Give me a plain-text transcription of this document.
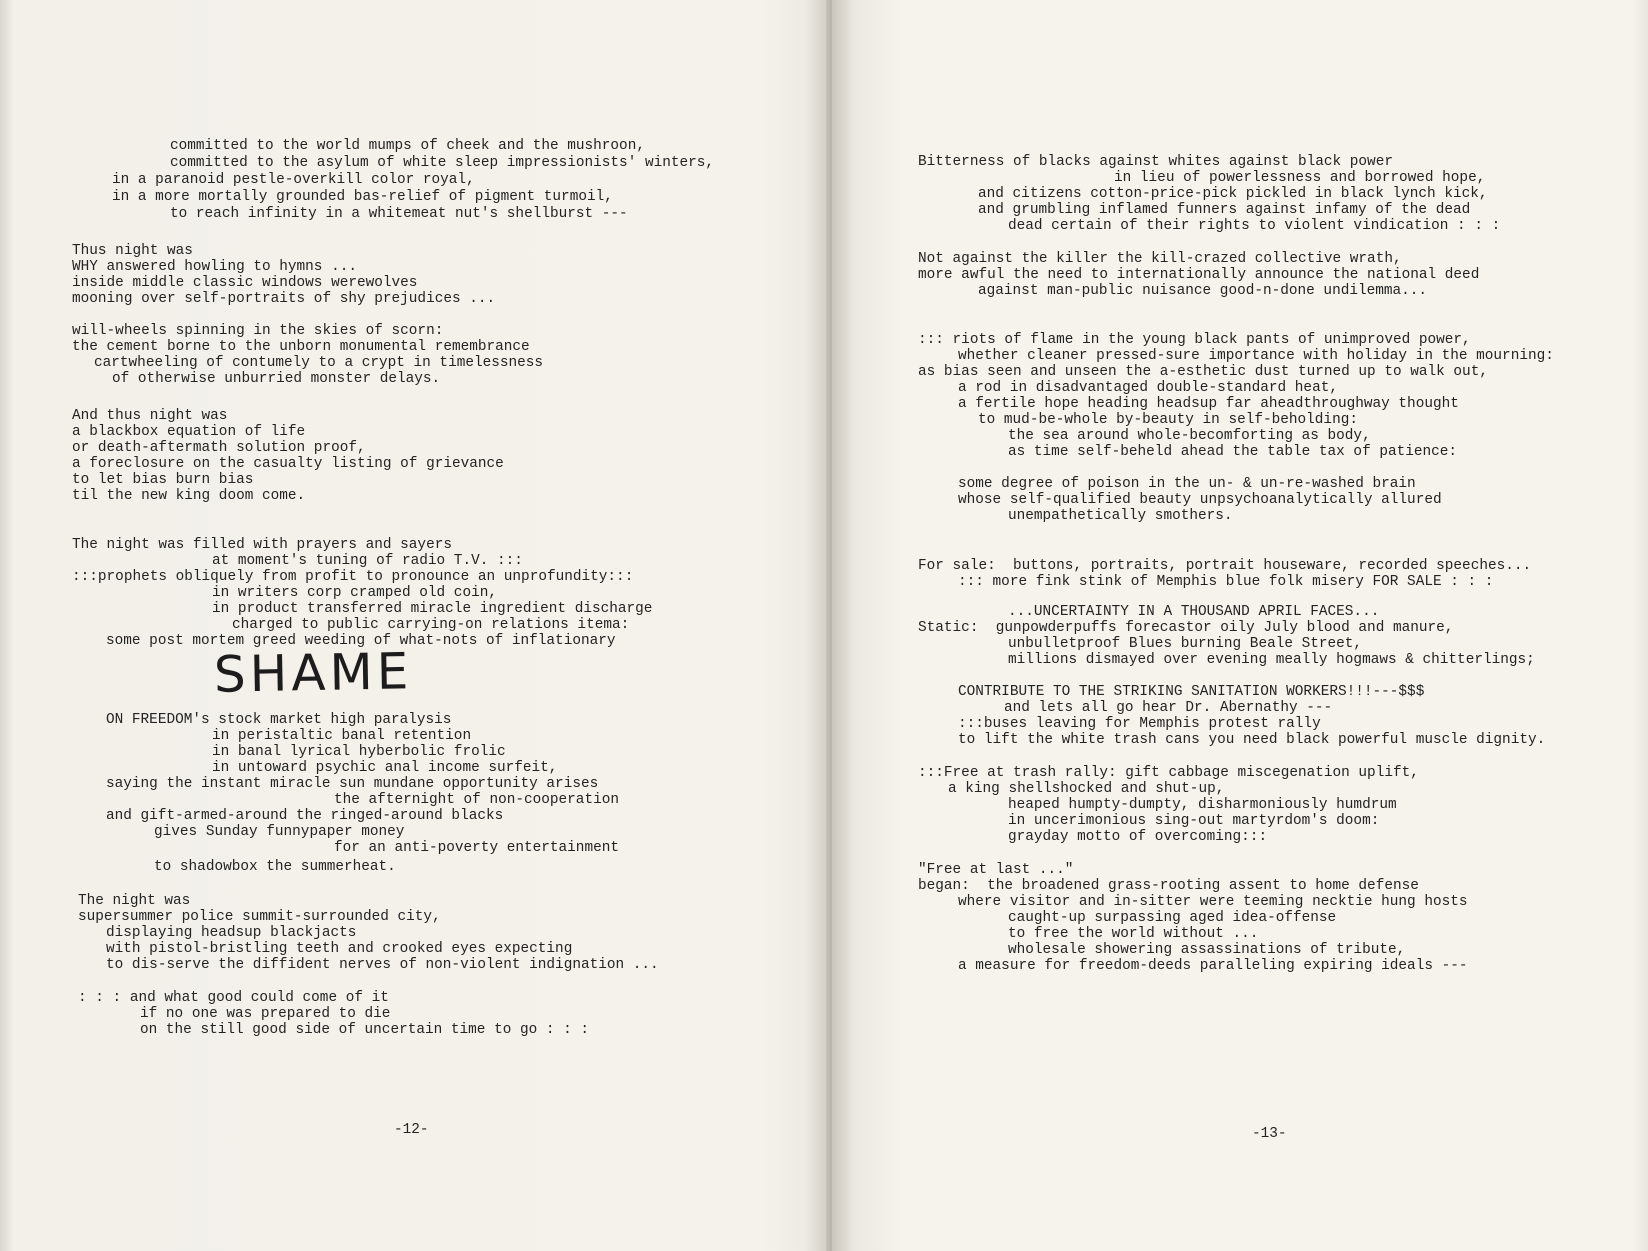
committed to the world mumps of cheek and the mushroon,
committed to the asylum of white sleep impressionists' winters,
in a paranoid pestle-overkill color royal,
in a more mortally grounded bas-relief of pigment turmoil,
to reach infinity in a whitemeat nut's shellburst ---
Thus night was
WHY answered howling to hymns ...
inside middle classic windows werewolves
mooning over self-portraits of shy prejudices ...
will-wheels spinning in the skies of scorn:
the cement borne to the unborn monumental remembrance
cartwheeling of contumely to a crypt in timelessness
of otherwise unburried monster delays.
And thus night was
a blackbox equation of life
or death-aftermath solution proof,
a foreclosure on the casualty listing of grievance
to let bias burn bias
til the new king doom come.
The night was filled with prayers and sayers
at moment's tuning of radio T.V. :::
:::prophets obliquely from profit to pronounce an unprofundity:::
in writers corp cramped old coin,
in product transferred miracle ingredient discharge
charged to public carrying-on relations itema:
some post mortem greed weeding of what-nots of inflationary
SHAME
ON FREEDOM's stock market high paralysis
in peristaltic banal retention
in banal lyrical hyberbolic frolic
in untoward psychic anal income surfeit,
saying the instant miracle sun mundane opportunity arises
the afternight of non-cooperation
and gift-armed-around the ringed-around blacks
gives Sunday funnypaper money
for an anti-poverty entertainment
to shadowbox the summerheat.
The night was
supersummer police summit-surrounded city,
displaying headsup blackjacts
with pistol-bristling teeth and crooked eyes expecting
to dis-serve the diffident nerves of non-violent indignation ...
: : : and what good could come of it
if no one was prepared to die
on the still good side of uncertain time to go : : :
-12-
Bitterness of blacks against whites against black power
in lieu of powerlessness and borrowed hope,
and citizens cotton-price-pick pickled in black lynch kick,
and grumbling inflamed funners against infamy of the dead
dead certain of their rights to violent vindication : : :
Not against the killer the kill-crazed collective wrath,
more awful the need to internationally announce the national deed
against man-public nuisance good-n-done undilemma...
::: riots of flame in the young black pants of unimproved power,
whether cleaner pressed-sure importance with holiday in the mourning:
as bias seen and unseen the a-esthetic dust turned up to walk out,
a rod in disadvantaged double-standard heat,
a fertile hope heading headsup far aheadthroughway thought
to mud-be-whole by-beauty in self-beholding:
the sea around whole-becomforting as body,
as time self-beheld ahead the table tax of patience:
some degree of poison in the un- & un-re-washed brain
whose self-qualified beauty unpsychoanalytically allured
unempathetically smothers.
For sale:  buttons, portraits, portrait houseware, recorded speeches...
::: more fink stink of Memphis blue folk misery FOR SALE : : :
...UNCERTAINTY IN A THOUSAND APRIL FACES...
Static:  gunpowderpuffs forecastor oily July blood and manure,
unbulletproof Blues burning Beale Street,
millions dismayed over evening meally hogmaws & chitterlings;
CONTRIBUTE TO THE STRIKING SANITATION WORKERS!!!---$$$
and lets all go hear Dr. Abernathy ---
:::buses leaving for Memphis protest rally
to lift the white trash cans you need black powerful muscle dignity.
:::Free at trash rally: gift cabbage miscegenation uplift,
a king shellshocked and shut-up,
heaped humpty-dumpty, disharmoniously humdrum
in uncerimonious sing-out martyrdom's doom:
grayday motto of overcoming:::
"Free at last ..."
began:  the broadened grass-rooting assent to home defense
where visitor and in-sitter were teeming necktie hung hosts
caught-up surpassing aged idea-offense
to free the world without ...
wholesale showering assassinations of tribute,
a measure for freedom-deeds paralleling expiring ideals ---
-13-
